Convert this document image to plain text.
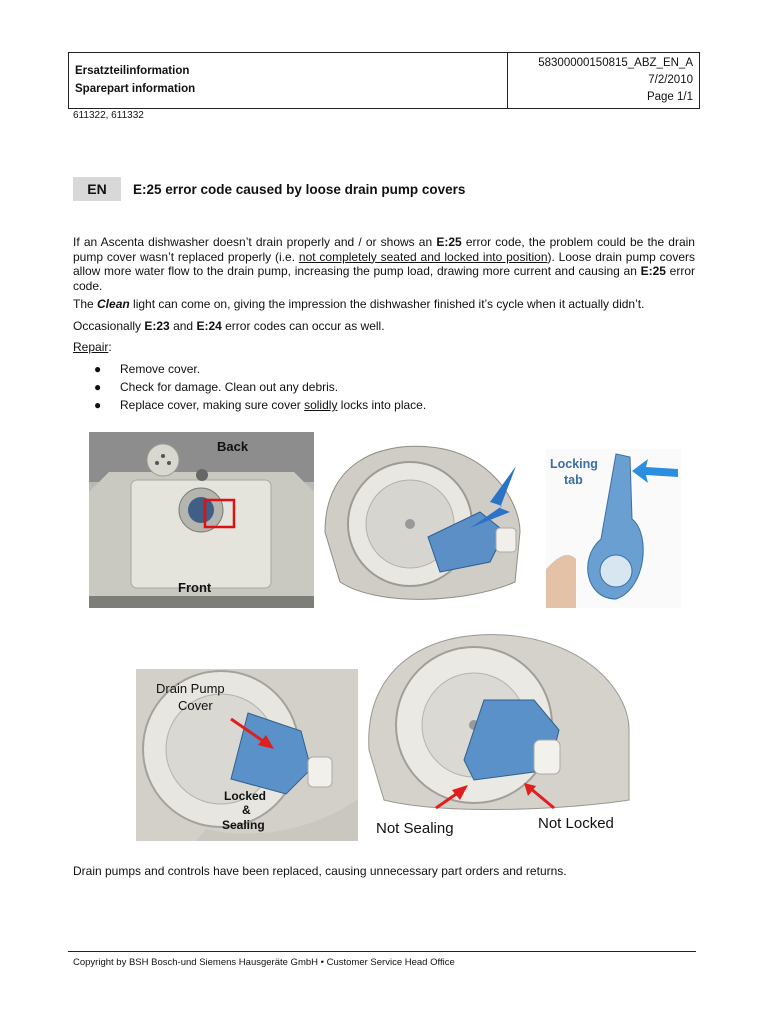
Ersatzteilinformation
Sparepart information
58300000150815_ABZ_EN_A
7/2/2010
Page 1/1
611322, 611332
EN	E:25 error code caused by loose drain pump covers

If an Ascenta dishwasher doesn’t drain properly and / or shows an E:25 error code, the problem could be the drain pump cover wasn’t replaced properly (i.e. not completely seated and locked into position). Loose drain pump covers allow more water flow to the drain pump, increasing the pump load, drawing more current and causing an E:25 error code.

The Clean light can come on, giving the impression the dishwasher finished it’s cycle when it actually didn’t.

Occasionally E:23 and E:24 error codes can occur as well.

Repair:

● Remove cover.
● Check for damage. Clean out any debris.
● Replace cover, making sure cover solidly locks into place.
Back
Front
Locking
tab
Drain Pump
Cover
Locked
&
Sealing	Not Sealing	Not Locked
Drain pumps and controls have been replaced, causing unnecessary part orders and returns.
Copyright by BSH Bosch-und Siemens Hausgeräte GmbH • Customer Service Head Office
